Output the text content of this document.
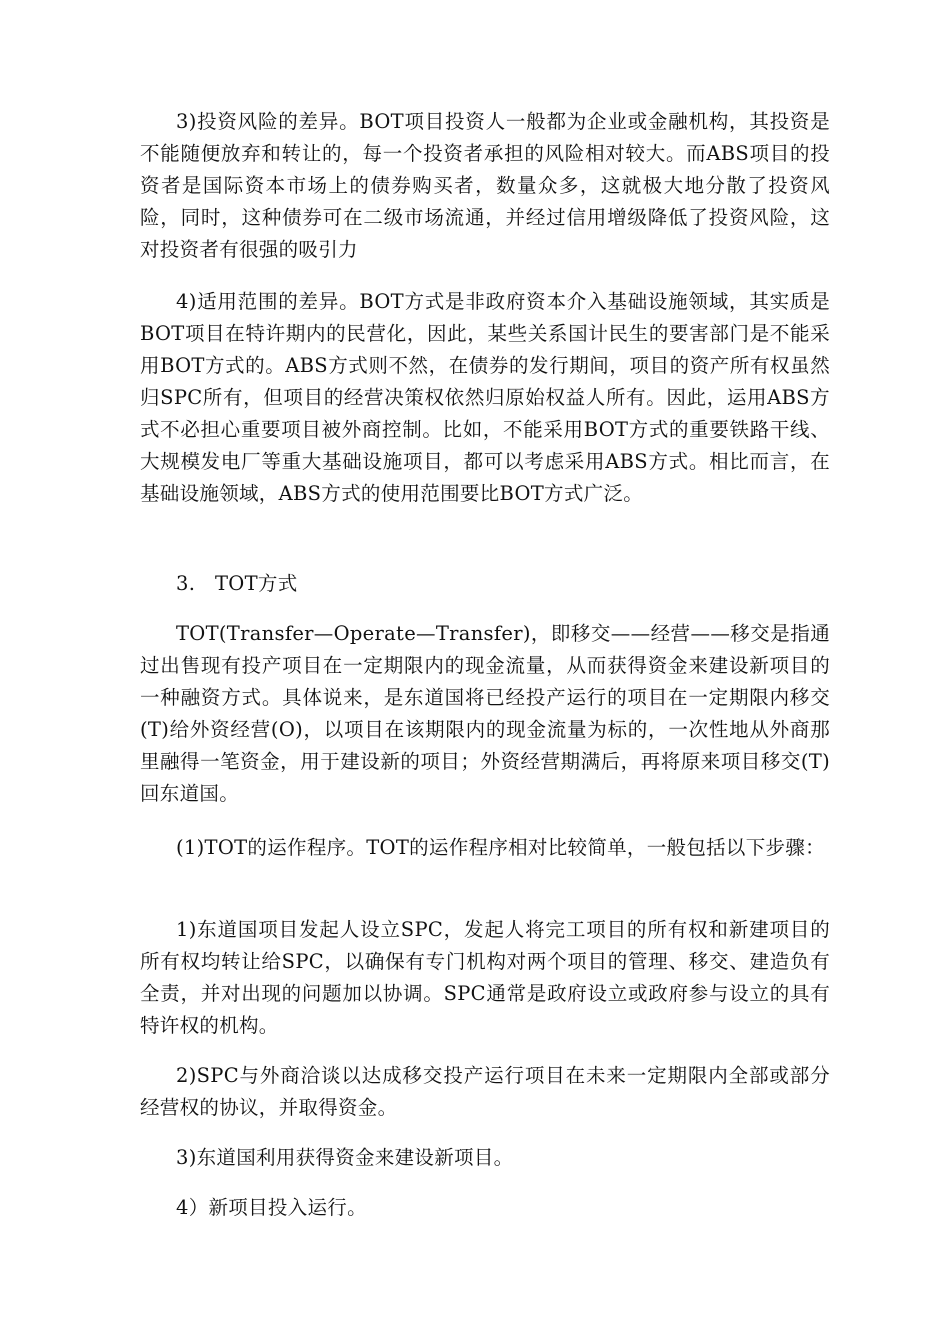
3)投资风险的差异。BOT项目投资人一般都为企业或金融机构，其投资是不能随便放弃和转让的，每一个投资者承担的风险相对较大。而ABS项目的投资者是国际资本市场上的债券购买者，数量众多，这就极大地分散了投资风险，同时，这种债券可在二级市场流通，并经过信用增级降低了投资风险，这对投资者有很强的吸引力

4)适用范围的差异。BOT方式是非政府资本介入基础设施领域，其实质是BOT项目在特许期内的民营化，因此，某些关系国计民生的要害部门是不能采用BOT方式的。ABS方式则不然，在债券的发行期间，项目的资产所有权虽然归SPC所有，但项目的经营决策权依然归原始权益人所有。因此，运用ABS方式不必担心重要项目被外商控制。比如，不能采用BOT方式的重要铁路干线、大规模发电厂等重大基础设施项目，都可以考虑采用ABS方式。相比而言，在基础设施领域，ABS方式的使用范围要比BOT方式广泛。

3.　TOT方式

TOT(Transfer—Operate—Transfer)，即移交——经营——移交是指通过出售现有投产项目在一定期限内的现金流量，从而获得资金来建设新项目的一种融资方式。具体说来，是东道国将已经投产运行的项目在一定期限内移交(T)给外资经营(O)，以项目在该期限内的现金流量为标的，一次性地从外商那里融得一笔资金，用于建设新的项目；外资经营期满后，再将原来项目移交(T)回东道国。

(1)TOT的运作程序。TOT的运作程序相对比较简单，一般包括以下步骤：

1)东道国项目发起人设立SPC，发起人将完工项目的所有权和新建项目的所有权均转让给SPC，以确保有专门机构对两个项目的管理、移交、建造负有全责，并对出现的问题加以协调。SPC通常是政府设立或政府参与设立的具有特许权的机构。

2)SPC与外商洽谈以达成移交投产运行项目在未来一定期限内全部或部分经营权的协议，并取得资金。

3)东道国利用获得资金来建设新项目。

4）新项目投入运行。
